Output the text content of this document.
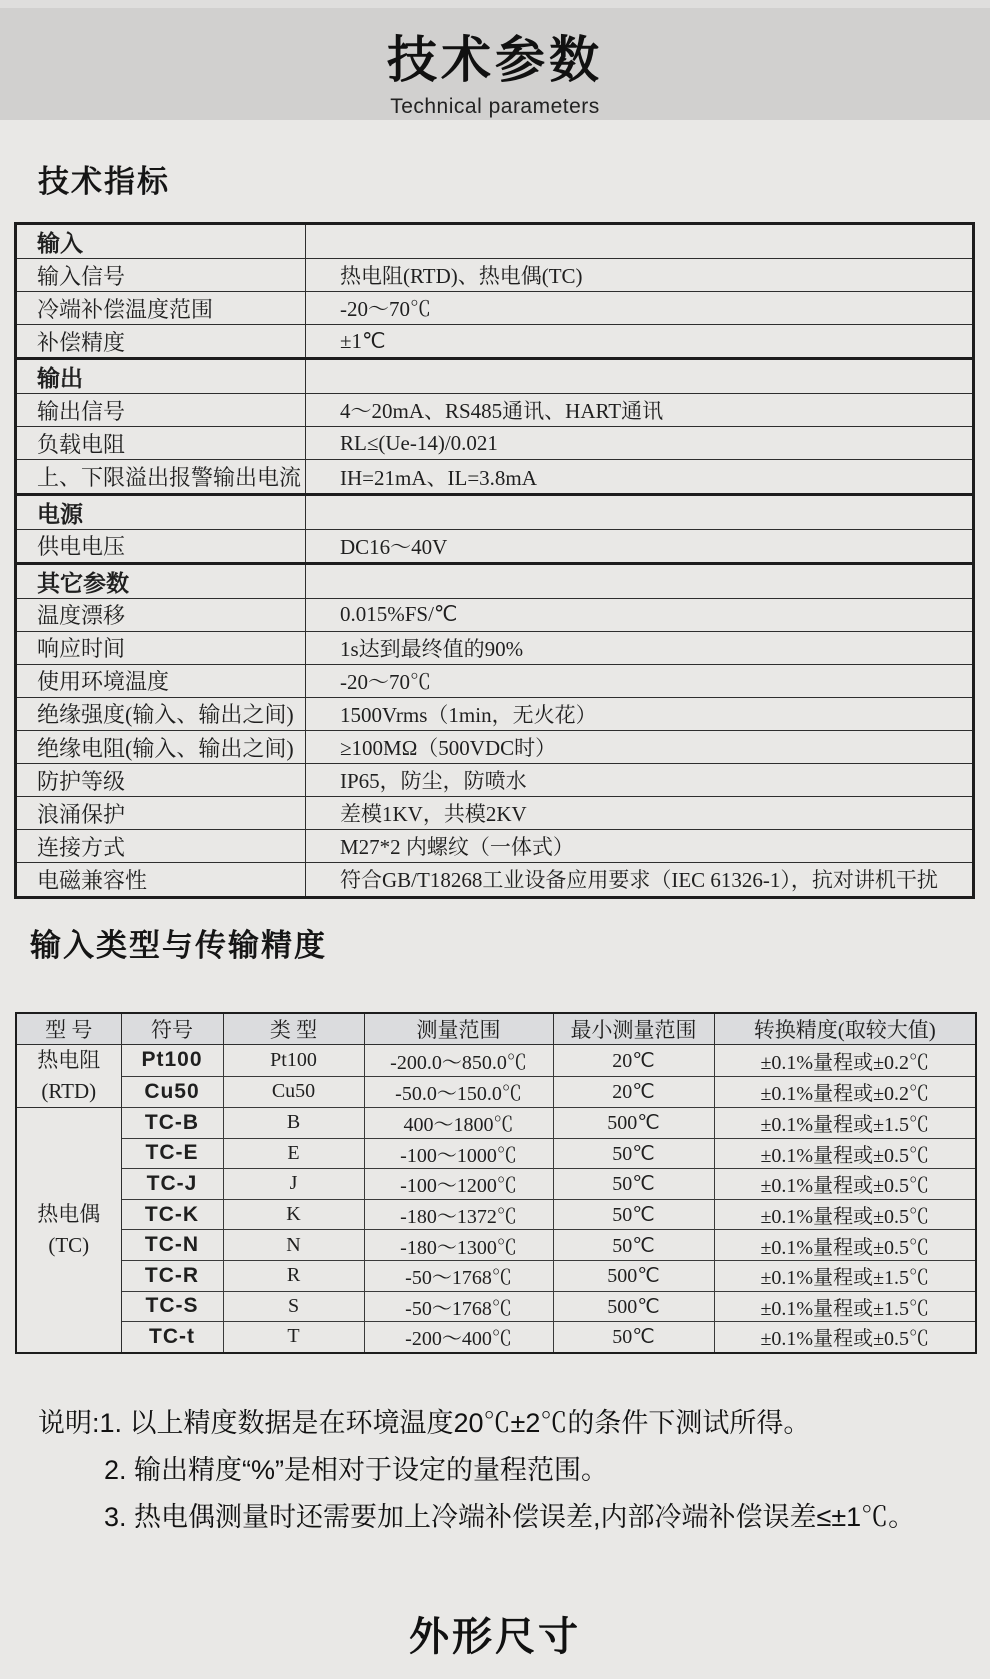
技术参数
Technical parameters
技术指标
输入	
输入信号	热电阻(RTD)、热电偶(TC)
冷端补偿温度范围	-20～70℃
补偿精度	±1℃
输出	
输出信号	4～20mA、RS485通讯、HART通讯
负载电阻	RL≤(Ue-14)/0.021
上、下限溢出报警输出电流	IH=21mA、IL=3.8mA
电源	
供电电压	DC16～40V
其它参数	
温度漂移	0.015%FS/℃
响应时间	1s达到最终值的90%
使用环境温度	-20～70℃
绝缘强度(输入、输出之间)	1500Vrms（1min，无火花）
绝缘电阻(输入、输出之间)	≥100MΩ（500VDC时）
防护等级	IP65，防尘，防喷水
浪涌保护	差模1KV，共模2KV
连接方式	M27*2 内螺纹（一体式）
电磁兼容性	符合GB/T18268工业设备应用要求（IEC 61326-1），抗对讲机干扰
输入类型与传输精度
型 号	符号	类 型	测量范围	最小测量范围	转换精度(取较大值)

热电阻
(RTD)	Pt100	Pt100	-200.0～850.0℃	20℃	±0.1%量程或±0.2℃
	Cu50	Cu50	-50.0～150.0℃	20℃	±0.1%量程或±0.2℃

热电偶
(TC)	TC-B	B	400～1800℃	500℃	±0.1%量程或±1.5℃
	TC-E	E	-100～1000℃	50℃	±0.1%量程或±0.5℃
	TC-J	J	-100～1200℃	50℃	±0.1%量程或±0.5℃
	TC-K	K	-180～1372℃	50℃	±0.1%量程或±0.5℃
	TC-N	N	-180～1300℃	50℃	±0.1%量程或±0.5℃
	TC-R	R	-50～1768℃	500℃	±0.1%量程或±1.5℃
	TC-S	S	-50～1768℃	500℃	±0.1%量程或±1.5℃
	TC-t	T	-200～400℃	50℃	±0.1%量程或±0.5℃
说明:1. 以上精度数据是在环境温度20℃±2℃的条件下测试所得。
2. 输出精度“%”是相对于设定的量程范围。
3. 热电偶测量时还需要加上冷端补偿误差,内部冷端补偿误差≤±1℃。
外形尺寸
